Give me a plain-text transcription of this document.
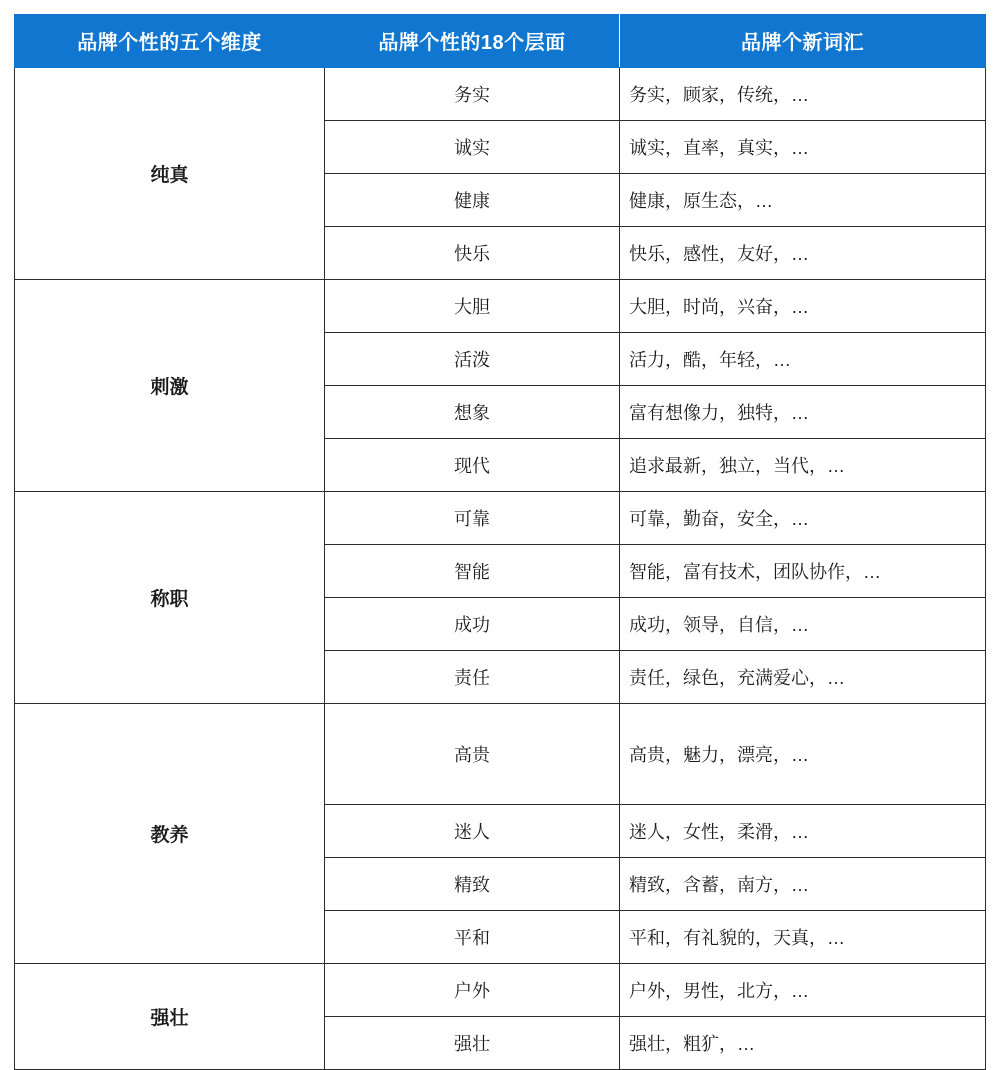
品牌个性的五个维度	品牌个性的18个层面	品牌个新词汇
纯真	务实	务实，顾家，传统，…
	诚实	诚实，直率，真实，…
	健康	健康，原生态，…
	快乐	快乐，感性，友好，…
刺激	大胆	大胆，时尚，兴奋，…
	活泼	活力，酷，年轻，…
	想象	富有想像力，独特，…
	现代	追求最新，独立，当代，…
称职	可靠	可靠，勤奋，安全，…
	智能	智能，富有技术，团队协作，…
	成功	成功，领导，自信，…
	责任	责任，绿色，充满爱心，…
教养	高贵	高贵，魅力，漂亮，…
	迷人	迷人，女性，柔滑，…
	精致	精致，含蓄，南方，…
	平和	平和，有礼貌的，天真，…
强壮	户外	户外，男性，北方，…
	强壮	强壮，粗犷，…
